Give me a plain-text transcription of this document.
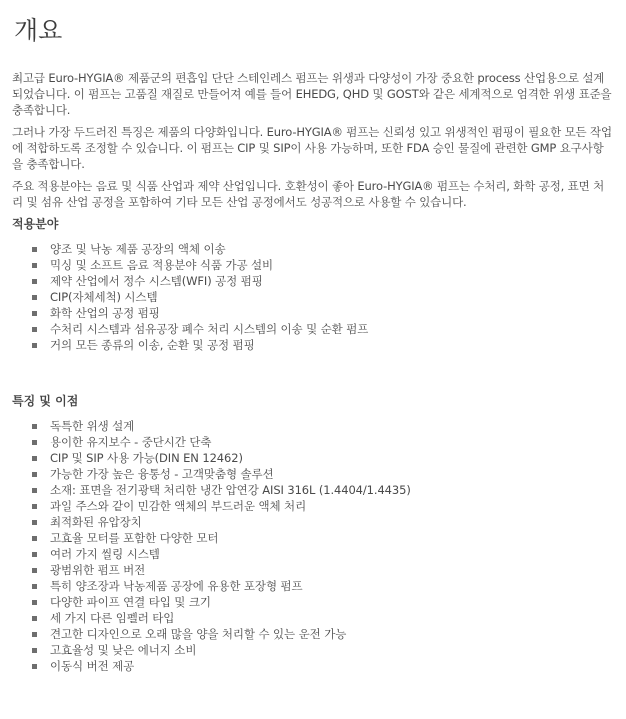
개요

최고급 Euro-HYGIA® 제품군의 편흡입 단단 스테인레스 펌프는 위생과 다양성이 가장 중요한 process 산업용으로 설계되었습니다. 이 펌프는 고품질 재질로 만들어져 예를 들어 EHEDG, QHD 및 GOST와 같은 세계적으로 엄격한 위생 표준을 충족합니다.

그러나 가장 두드러진 특징은 제품의 다양화입니다. Euro-HYGIA® 펌프는 신뢰성 있고 위생적인 펌핑이 필요한 모든 작업에 적합하도록 조정할 수 있습니다. 이 펌프는 CIP 및 SIP이 사용 가능하며, 또한 FDA 승인 물질에 관련한 GMP 요구사항을 충족합니다.

주요 적용분야는 음료 및 식품 산업과 제약 산업입니다. 호환성이 좋아 Euro-HYGIA® 펌프는 수처리, 화학 공정, 표면 처리 및 섬유 산업 공정을 포함하여 기타 모든 산업 공정에서도 성공적으로 사용할 수 있습니다.

적용분야
양조 및 낙농 제품 공장의 액체 이송
믹싱 및 소프트 음료 적용분야 식품 가공 설비
제약 산업에서 정수 시스템(WFI) 공정 펌핑
CIP(자체세척) 시스템
화학 산업의 공정 펌핑
수처리 시스템과 섬유공장 폐수 처리 시스템의 이송 및 순환 펌프
거의 모든 종류의 이송, 순환 및 공정 펌핑
특징 및 이점
독특한 위생 설계
용이한 유지보수 - 중단시간 단축
CIP 및 SIP 사용 가능(DIN EN 12462)
가능한 가장 높은 융통성 - 고객맞춤형 솔루션
소재: 표면을 전기광택 처리한 냉간 압연강 AISI 316L (1.4404/1.4435)
과일 주스와 같이 민감한 액체의 부드러운 액체 처리
최적화된 유압장치
고효율 모터를 포함한 다양한 모터
여러 가지 씰링 시스템
광범위한 펌프 버전
특히 양조장과 낙농제품 공장에 유용한 포장형 펌프
다양한 파이프 연결 타입 및 크기
세 가지 다른 임펠러 타입
견고한 디자인으로 오래 많을 양을 처리할 수 있는 운전 가능
고효율성 및 낮은 에너지 소비
이동식 버전 제공
